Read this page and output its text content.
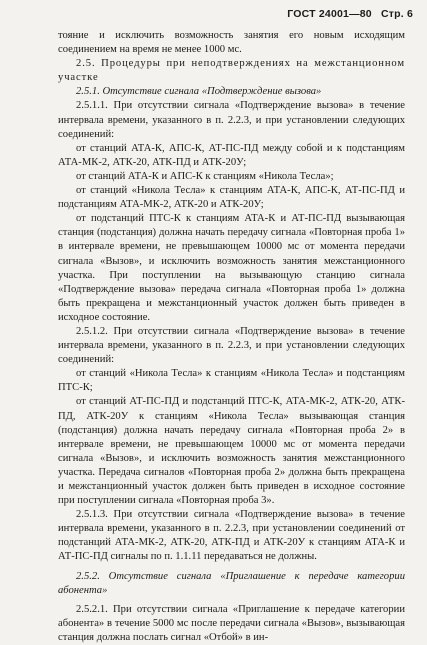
ГОСТ 24001—80 Стр. 6

тояние и исключить возможность занятия его новым исходящим соединением на время не менее 1000 мс.

2.5. Процедуры при неподтверждениях на межстанционном участке

2.5.1. Отсутствие сигнала «Подтверждение вызова»

2.5.1.1. При отсутствии сигнала «Подтверждение вызова» в течение интервала времени, указанного в п. 2.2.3, и при установлении следующих соединений:

от станций АТА-К, АПС-К, АТ-ПС-ПД между собой и к подстанциям АТА-МК-2, АТК-20, АТК-ПД и АТК-20У;

от станций АТА-К и АПС-К к станциям «Никола Тесла»;

от станций «Никола Тесла» к станциям АТА-К, АПС-К, АТ-ПС-ПД и подстанциям АТА-МК-2, АТК-20 и АТК-20У;

от подстанций ПТС-К к станциям АТА-К и АТ-ПС-ПД вызывающая станция (подстанция) должна начать передачу сигнала «Повторная проба 1» в интервале времени, не превышающем 10000 мс от момента передачи сигнала «Вызов», и исключить возможность занятия межстанционного участка. При поступлении на вызывающую станцию сигнала «Подтверждение вызова» передача сигнала «Повторная проба 1» должна быть прекращена и межстанционный участок должен быть приведен в исходное состояние.

2.5.1.2. При отсутствии сигнала «Подтверждение вызова» в течение интервала времени, указанного в п. 2.2.3, и при установлении следующих соединений:

от станций «Никола Тесла» к станциям «Никола Тесла» и подстанциям ПТС-К;

от станций АТ-ПС-ПД и подстанций ПТС-К, АТА-МК-2, АТК-20, АТК-ПД, АТК-20У к станциям «Никола Тесла» вызывающая станция (подстанция) должна начать передачу сигнала «Повторная проба 2» в интервале времени, не превышающем 10000 мс от момента передачи сигнала «Вызов», и исключить возможность занятия межстанционного участка. Передача сигналов «Повторная проба 2» должна быть прекращена и межстанционный участок должен быть приведен в исходное состояние при поступлении сигнала «Повторная проба 3».

2.5.1.3. При отсутствии сигнала «Подтверждение вызова» в течение интервала времени, указанного в п. 2.2.3, при установлении соединений от подстанций АТА-МК-2, АТК-20, АТК-ПД и АТК-20У к станциям АТА-К и АТ-ПС-ПД сигналы по п. 1.1.11 передаваться не должны.

2.5.2. Отсутствие сигнала «Приглашение к передаче категории абонента»

2.5.2.1. При отсутствии сигнала «Приглашение к передаче категории абонента» в течение 5000 мс после передачи сигнала «Вызов», вызывающая станция должна послать сигнал «Отбой» в ин-
